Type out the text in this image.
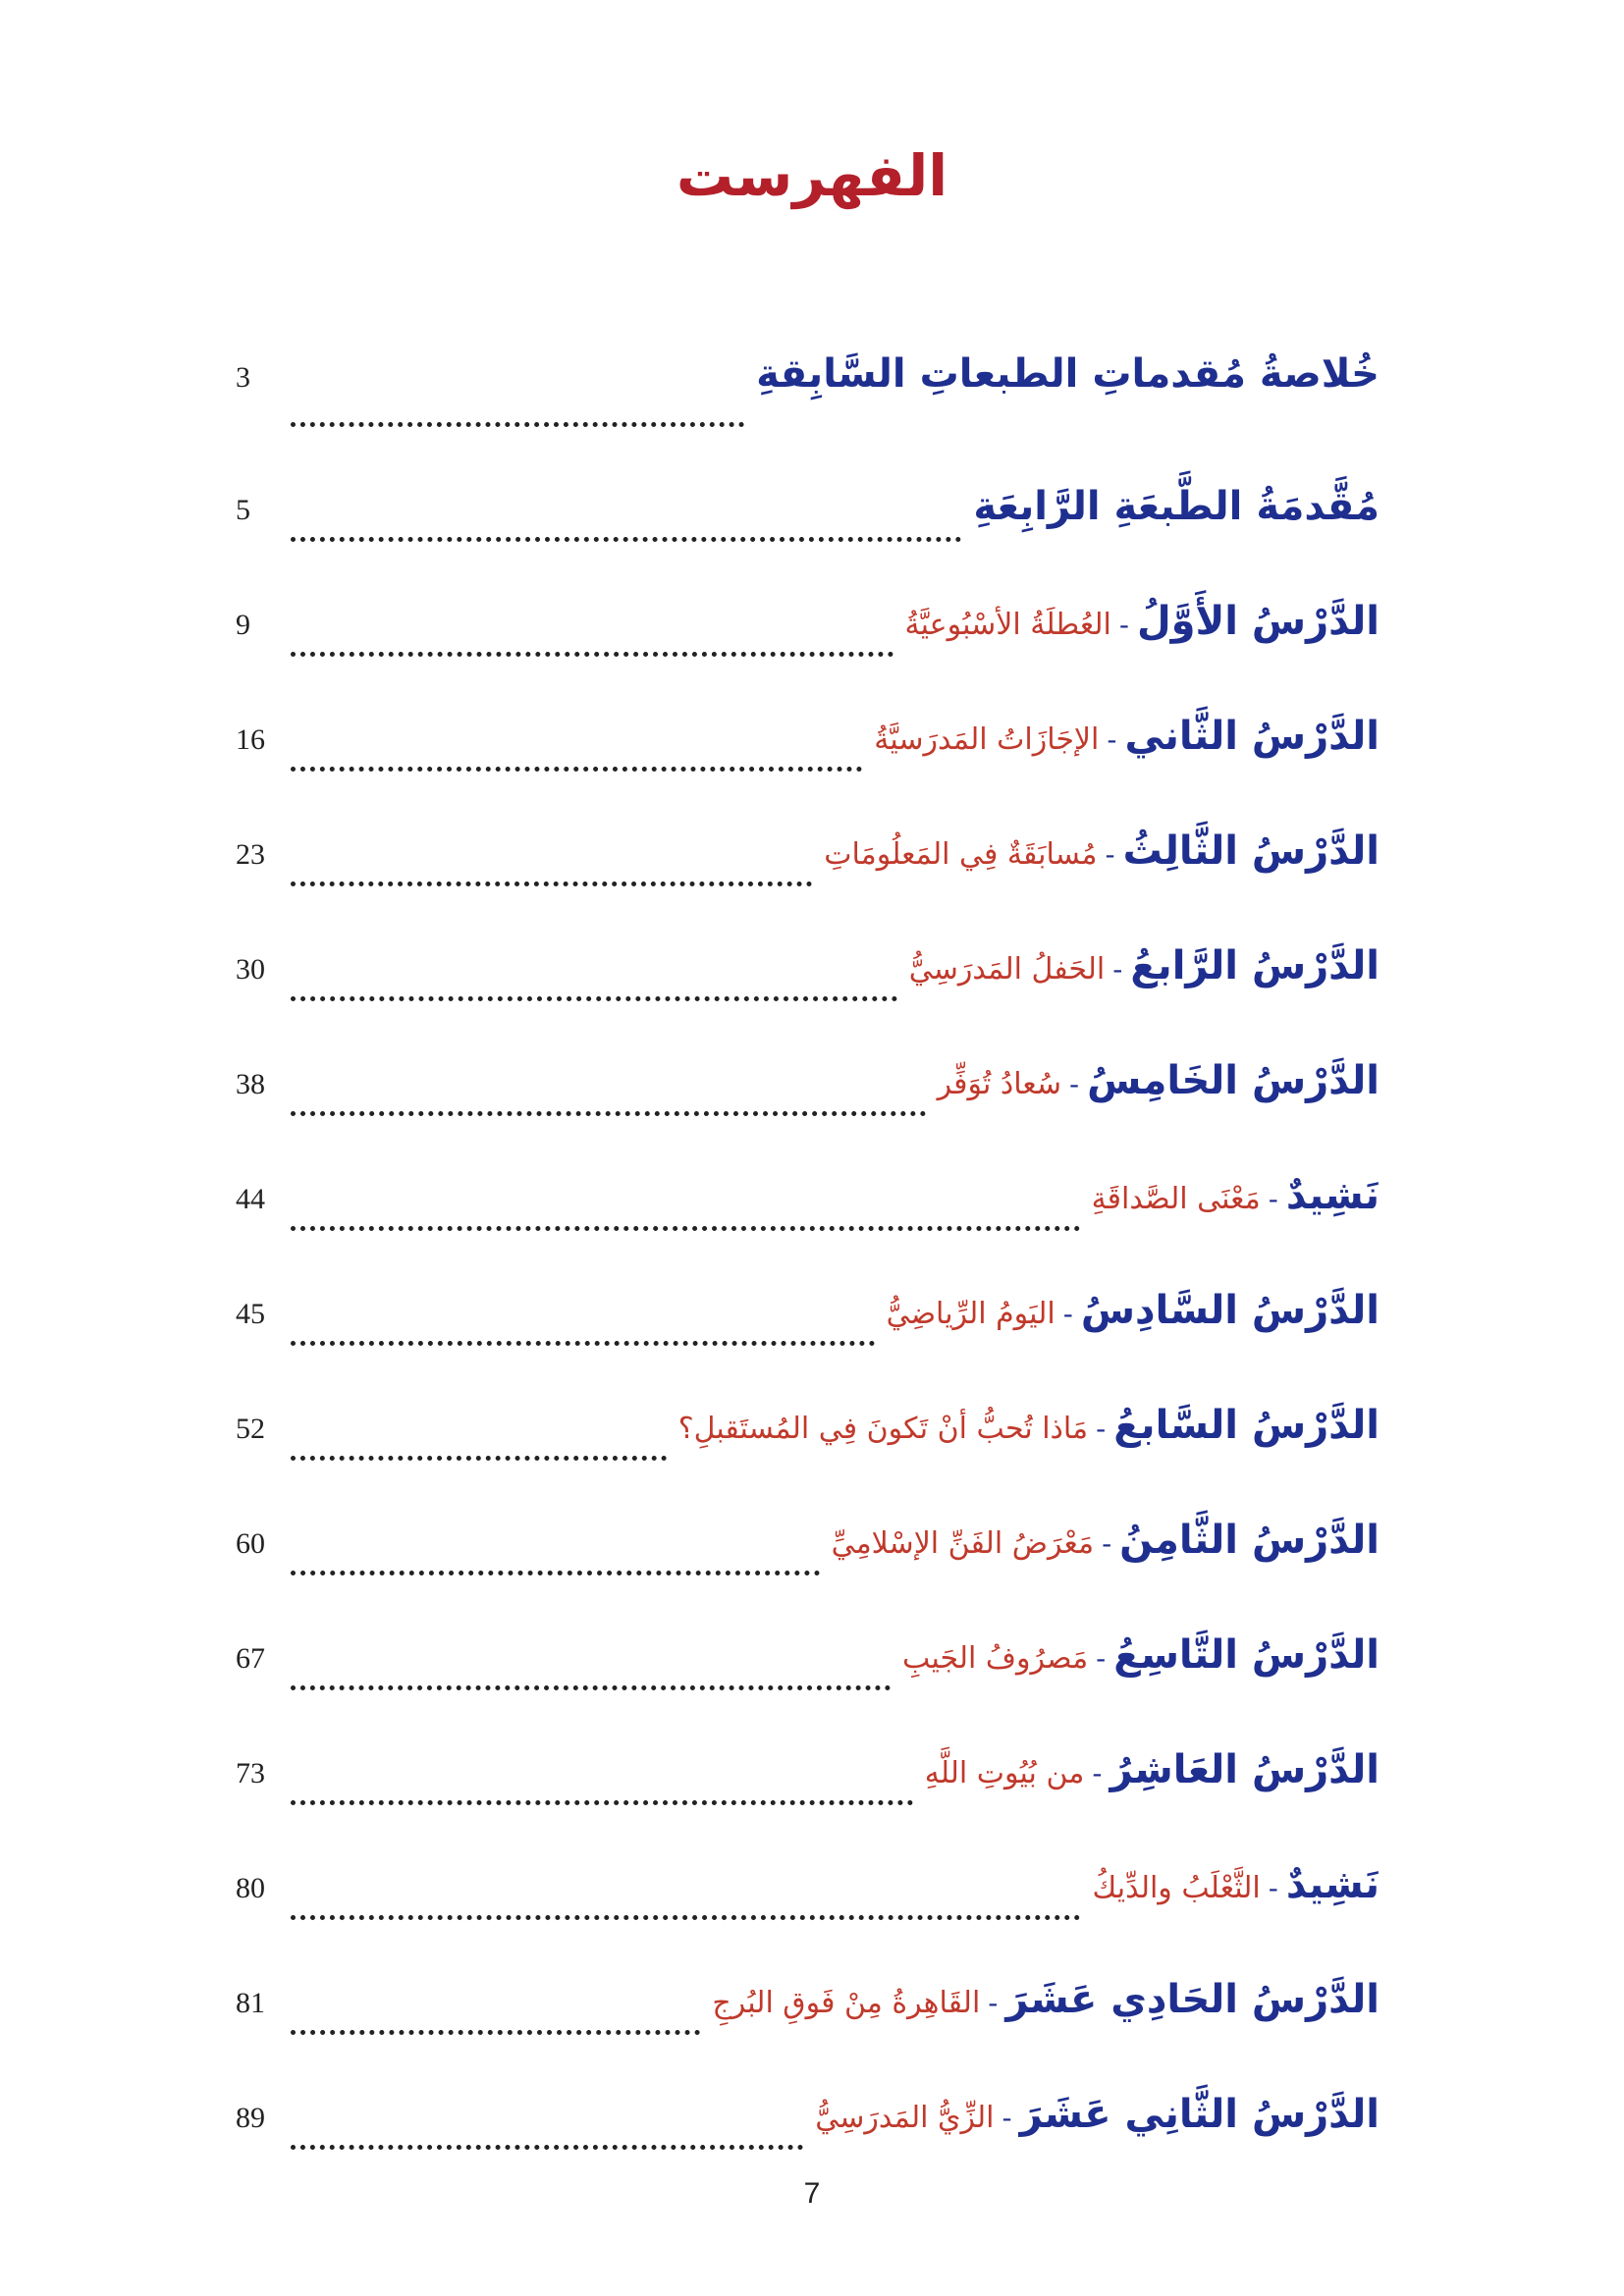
الفهرست
خُلاصةُ مُقدماتِ الطبعاتِ السَّابِقةِ
3
مُقَّدمَةُ الطَّبعَةِ الرَّابِعَةِ
5
الدَّرْسُ الأَوَّلُ
-
العُطلَةُ الأسْبُوعيَّةُ
9
الدَّرْسُ الثَّاني
-
الإجَازَاتُ المَدرَسيَّةُ
16
الدَّرْسُ الثَّالِثُ
-
مُسابَقَةٌ فِي المَعلُومَاتِ
23
الدَّرْسُ الرَّابعُ
-
الحَفلُ المَدرَسِيُّ
30
الدَّرْسُ الخَامِسُ
-
سُعادُ تُوَفِّر
38
نَشِيدٌ
-
مَعْنَى الصَّداقَةِ
44
الدَّرْسُ السَّادِسُ
-
اليَومُ الرِّياضِيُّ
45
الدَّرْسُ السَّابعُ
-
مَاذا تُحبُّ أنْ تَكونَ فِي المُستَقبلِ؟
52
الدَّرْسُ الثَّامِنُ
-
مَعْرَضُ الفَنِّ الإسْلامِيِّ
60
الدَّرْسُ التَّاسِعُ
-
مَصرُوفُ الجَيبِ
67
الدَّرْسُ العَاشِرُ
-
من بُيُوتِ اللَّهِ
73
نَشِيدٌ
-
الثَّعْلَبُ والدِّيكُ
80
الدَّرْسُ الحَادِي عَشَرَ
-
القَاهِرةُ مِنْ فَوقِ البُرجِ
81
الدَّرْسُ الثَّانِي عَشَرَ
-
الزِّيُّ المَدرَسِيُّ
89
7
